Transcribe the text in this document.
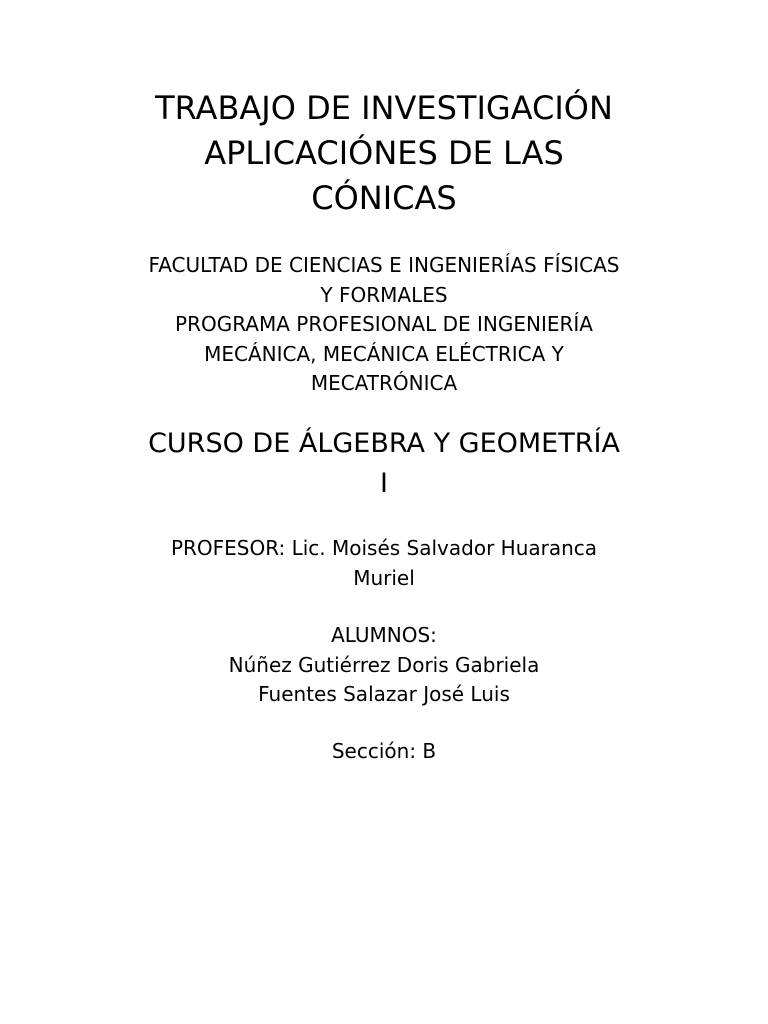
TRABAJO DE INVESTIGACIÓN
APLICACIÓNES DE LAS
CÓNICAS
FACULTAD DE CIENCIAS E INGENIERÍAS FÍSICAS
Y FORMALES
PROGRAMA PROFESIONAL DE INGENIERÍA
MECÁNICA, MECÁNICA ELÉCTRICA Y
MECATRÓNICA
CURSO DE ÁLGEBRA Y GEOMETRÍA
I
PROFESOR: Lic. Moisés Salvador Huaranca
Muriel
ALUMNOS:
Núñez Gutiérrez Doris Gabriela
Fuentes Salazar José Luis
Sección: B
